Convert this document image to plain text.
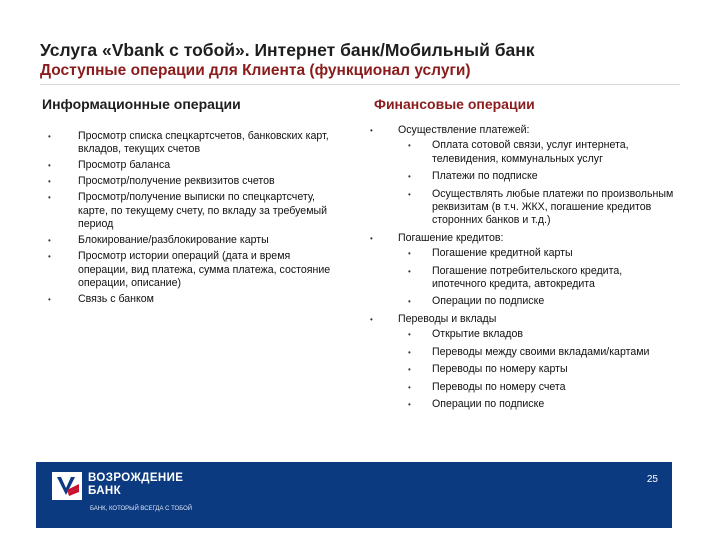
Услуга «Vbank с тобой». Интернет банк/Мобильный банк
Доступные операции для Клиента (функционал услуги)
Информационные операции	Финансовые операции
• Просмотр списка спецкартсчетов, банковских карт, вкладов, текущих счетов
• Просмотр баланса
• Просмотр/получение реквизитов счетов
• Просмотр/получение выписки по спецкартсчету, карте, по текущему счету, по вкладу за требуемый период
• Блокирование/разблокирование карты
• Просмотр истории операций (дата и время операции, вид платежа, сумма платежа, состояние операции, описание)
• Связь с банком
• Осуществление платежей:
• Оплата сотовой связи, услуг интернета, телевидения, коммунальных услуг
• Платежи по подписке
• Осуществлять любые платежи по произвольным реквизитам (в т.ч. ЖКХ, погашение кредитов сторонних банков и т.д.)
• Погашение кредитов:
• Погашение кредитной карты
• Погашение потребительского кредита, ипотечного кредита, автокредита
• Операции по подписке
• Переводы и вклады
• Открытие вкладов
• Переводы между своими вкладами/картами
• Переводы по номеру карты
• Переводы по номеру счета
• Операции по подписке
ВОЗРОЖДЕНИЕ
БАНК
БАНК, КОТОРЫЙ ВСЕГДА С ТОБОЙ
25
